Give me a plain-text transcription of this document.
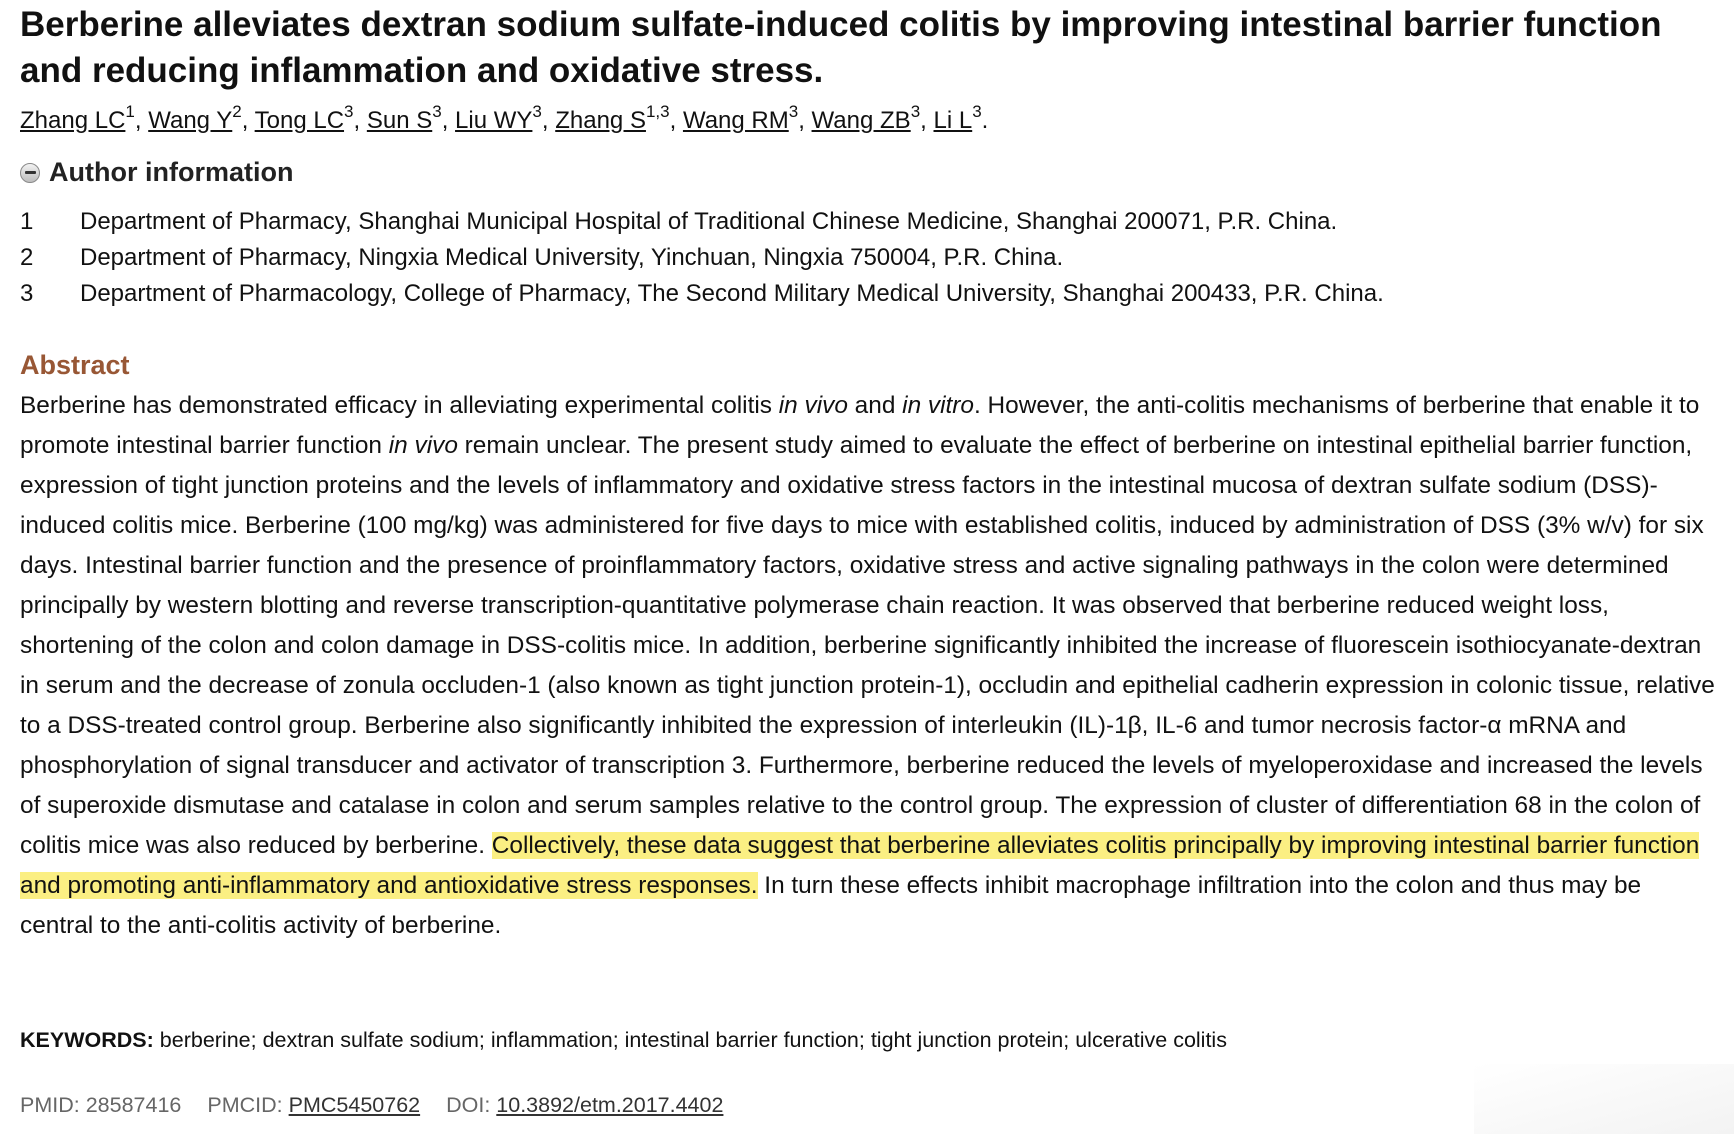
Berberine alleviates dextran sodium sulfate-induced colitis by improving intestinal barrier function and reducing inflammation and oxidative stress.
Zhang $LC^1$, Wang $Y^2$, Tong $LC^3$, Sun $S^3$, Liu $WY^3$, Zhang S$^{1,3}$, Wang $RM^3$, Wang $ZB^3$, Li $L^3$.
Author information
1	Department of Pharmacy, Shanghai Municipal Hospital of Traditional Chinese Medicine, Shanghai 200071, P.R. China.
2	Department of Pharmacy, Ningxia Medical University, Yinchuan, Ningxia 750004, P.R. China.
3	Department of Pharmacology, College of Pharmacy, The Second Military Medical University, Shanghai 200433, P.R. China.
Abstract

Berberine has demonstrated efficacy in alleviating experimental colitis in vivo and in vitro. However, the anti-colitis mechanisms of berberine that enable it to promote intestinal barrier function in vivo remain unclear. The present study aimed to evaluate the effect of berberine on intestinal epithelial barrier function, expression of tight junction proteins and the levels of inflammatory and oxidative stress factors in the intestinal mucosa of dextran sulfate sodium (DSS)-induced colitis mice. Berberine (100 mg/kg) was administered for five days to mice with established colitis, induced by administration of DSS (3% w/v) for six days. Intestinal barrier function and the presence of proinflammatory factors, oxidative stress and active signaling pathways in the colon were determined principally by western blotting and reverse transcription-quantitative polymerase chain reaction. It was observed that berberine reduced weight loss, shortening of the colon and colon damage in DSS-colitis mice. In addition, berberine significantly inhibited the increase of fluorescein isothiocyanate-dextran in serum and the decrease of zonula occluden-1 (also known as tight junction protein-1), occludin and epithelial cadherin expression in colonic tissue, relative to a DSS-treated control group. Berberine also significantly inhibited the expression of interleukin (IL)-1β, IL-6 and tumor necrosis factor-α mRNA and phosphorylation of signal transducer and activator of transcription 3. Furthermore, berberine reduced the levels of myeloperoxidase and increased the levels of superoxide dismutase and catalase in colon and serum samples relative to the control group. The expression of cluster of differentiation 68 in the colon of colitis mice was also reduced by berberine. Collectively, these data suggest that berberine alleviates colitis principally by improving intestinal barrier function and promoting anti-inflammatory and antioxidative stress responses. In turn these effects inhibit macrophage infiltration into the colon and thus may be central to the anti-colitis activity of berberine.

KEYWORDS: berberine; dextran sulfate sodium; inflammation; intestinal barrier function; tight junction protein; ulcerative colitis
PMID: 28587416 PMCID: PMC5450762 DOI: 10.3892/etm.2017.4402
